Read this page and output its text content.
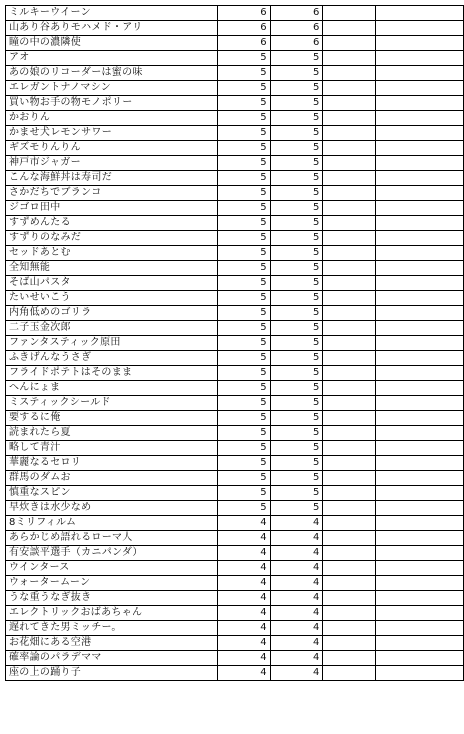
ミルキーウイーン	6	6		
山あり谷ありモハメド・アリ	6	6		
瞳の中の濃隣使	6	6		
アオ	5	5		
あの娘のリコーダーは蜜の味	5	5		
エレガントナノマシン	5	5		
買い物お手の物モノポリー	5	5		
かおりん	5	5		
かませ犬レモンサワー	5	5		
ギズモりんりん	5	5		
神戸市ジャガー	5	5		
こんな海鮮丼は寿司だ	5	5		
さかだちでブランコ	5	5		
ジゴロ田中	5	5		
すずめんたる	5	5		
すずりのなみだ	5	5		
セッドあとむ	5	5		
全知無能	5	5		
そば山パスタ	5	5		
たいせいこう	5	5		
内角低めのゴリラ	5	5		
二子玉金次郎	5	5		
ファンタスティック原田	5	5		
ふきげんなうさぎ	5	5		
フライドポテトはそのまま	5	5		
へんにょま	5	5		
ミスティックシールド	5	5		
要するに俺	5	5		
読まれたら夏	5	5		
略して青汁	5	5		
華麗なるセロリ	5	5		
群馬のダムお	5	5		
慎重なスピン	5	5		
早炊きは水少なめ	5	5		
8ミリフィルム	4	4		
あらかじめ語れるローマ人	4	4		
有安談平選手（カニパンダ）	4	4		
ウインタース	4	4		
ウォータームーン	4	4		
うな重うなぎ抜き	4	4		
エレクトリックおばあちゃん	4	4		
遅れてきた男ミッチー。	4	4		
お花畑にある空港	4	4		
確率論のパラデママ	4	4		
座の上の踊り子	4	4		
